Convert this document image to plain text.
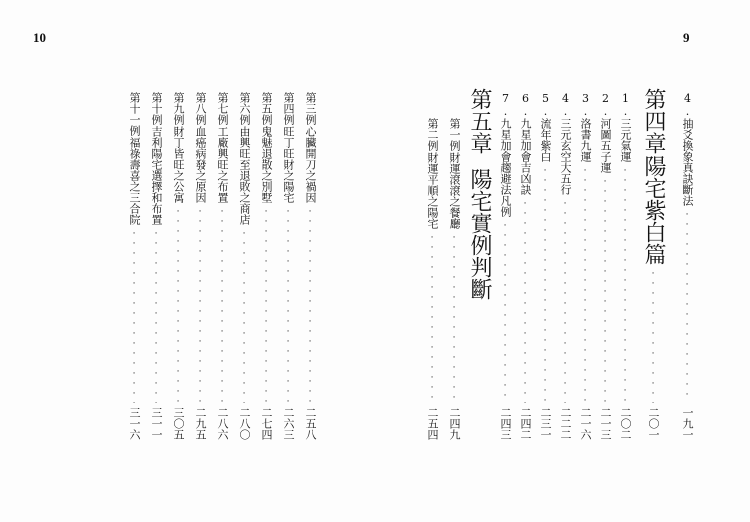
10	9
第三例
心臟開刀之禍因
·····
二五八
第四例
旺丁旺財之陽宅
·····
二六三
第五例
鬼魅退散之別墅
·····
二七四
第六例
由興旺至退敗之商店
·····
二八〇
第七例
工廠興旺之布置
·····
二八六
第八例
血癌病發之原因
·····
二九五
第九例
財丁皆旺之公寓
·····
三〇五
第十例
吉利陽宅選擇和布置
·····
三一一
第十一例
福祿壽喜之三合院
·····
三一六
4.
抽爻換象真訣斷法
·····
一九一
第四章
陽宅紫白篇
·····
二〇一
1.
三元氣運
·····
二〇二
2.
河圖五子運
·····
二一三
3.
洛書九運
·····
二一六
4.
三元玄空大五行
·····
二二二
5.
流年紫白
·····
二三一
6.
九星加會吉凶訣
·····
二四二
7.
九星加會趨避法凡例
·····
二四三
第五章
陽宅實例判斷
第一例
財運滾滾之餐廳
·····
二四九
第二例
財運平順之陽宅
·····
二五四
